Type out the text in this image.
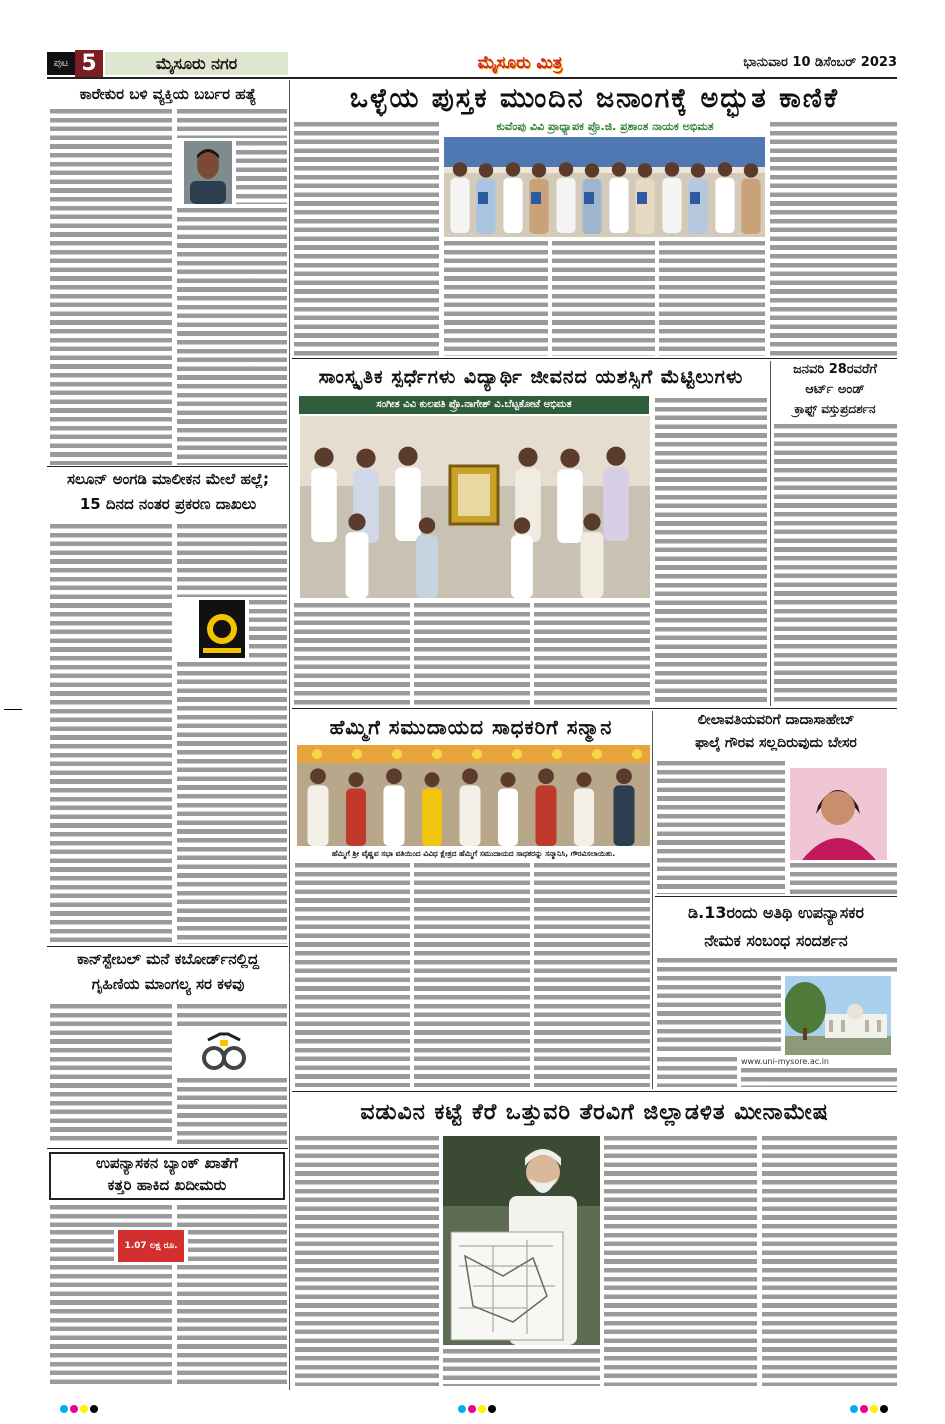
ಪುಟ 5	ಮೈಸೂರು ನಗರ	ಮೈಸೂರು ಮಿತ್ರ	ಭಾನುವಾರ 10 ಡಿಸೆಂಬರ್ 2023
ಕಾರೇಕುರ ಬಳಿ ವ್ಯಕ್ತಿಯ ಬರ್ಬರ ಹತ್ಯೆ
ಸಲೂನ್ ಅಂಗಡಿ ಮಾಲೀಕನ ಮೇಲೆ ಹಲ್ಲೆ;
15 ದಿನದ ನಂತರ ಪ್ರಕರಣ ದಾಖಲು
ಕಾನ್‌ಸ್ಟೇಬಲ್ ಮನೆ ಕಬೋರ್ಡ್‌ನಲ್ಲಿದ್ದ
ಗೃಹಿಣಿಯ ಮಾಂಗಲ್ಯ ಸರ ಕಳವು
ಉಪನ್ಯಾಸಕನ ಬ್ಯಾಂಕ್ ಖಾತೆಗೆ
ಕತ್ತರಿ ಹಾಕಿದ ಖದೀಮರು
1.07 ಲಕ್ಷ ರೂ.
ಒಳ್ಳೆಯ ಪುಸ್ತಕ ಮುಂದಿನ ಜನಾಂಗಕ್ಕೆ ಅದ್ಭುತ ಕಾಣಿಕೆ
ಕುವೆಂಪು ವಿವಿ ಪ್ರಾಧ್ಯಾಪಕ ಪ್ರೊ.ಜಿ. ಪ್ರಶಾಂತ ನಾಯಕ ಅಭಿಮತ
ಸಾಂಸ್ಕೃತಿಕ ಸ್ಪರ್ಧೆಗಳು ವಿದ್ಯಾರ್ಥಿ ಜೀವನದ ಯಶಸ್ಸಿಗೆ ಮೆಟ್ಟಿಲುಗಳು
ಸಂಗೀತ ವಿವಿ ಕುಲಪತಿ ಪ್ರೊ.ನಾಗೇಶ್ ವಿ.ಬೆಟ್ಟಕೋಟೆ ಅಭಿಮತ
ಜನವರಿ 28ರವರೆಗೆ
ಆರ್ಟ್ ಅಂಡ್
ಕ್ರಾಫ್ಟ್ ವಸ್ತುಪ್ರದರ್ಶನ
ಹೆಮ್ಮಿಗೆ ಸಮುದಾಯದ ಸಾಧಕರಿಗೆ ಸನ್ಮಾನ
ಹೆಮ್ಮಿಗೆ ಶ್ರೀ ವೈಷ್ಣವ ಸಭಾ ವತಿಯಿಂದ ವಿವಿಧ ಕ್ಷೇತ್ರದ ಹೆಮ್ಮಿಗೆ ಸಮುದಾಯದ ಸಾಧಕರನ್ನು ಸನ್ಮಾನಿಸಿ, ಗೌರವಿಸಲಾಯಿತು.
ಲೀಲಾವತಿಯವರಿಗೆ ದಾದಾಸಾಹೇಬ್
ಫಾಲ್ಕೆ ಗೌರವ ಸಲ್ಲದಿರುವುದು ಬೇಸರ
ಡಿ.13ರಂದು ಅತಿಥಿ ಉಪನ್ಯಾಸಕರ
ನೇಮಕ ಸಂಬಂಧ ಸಂದರ್ಶನ
www.uni-mysore.ac.in
ವಡುವಿನ ಕಟ್ಟೆ ಕೆರೆ ಒತ್ತುವರಿ ತೆರವಿಗೆ ಜಿಲ್ಲಾಡಳಿತ ಮೀನಾಮೇಷ
